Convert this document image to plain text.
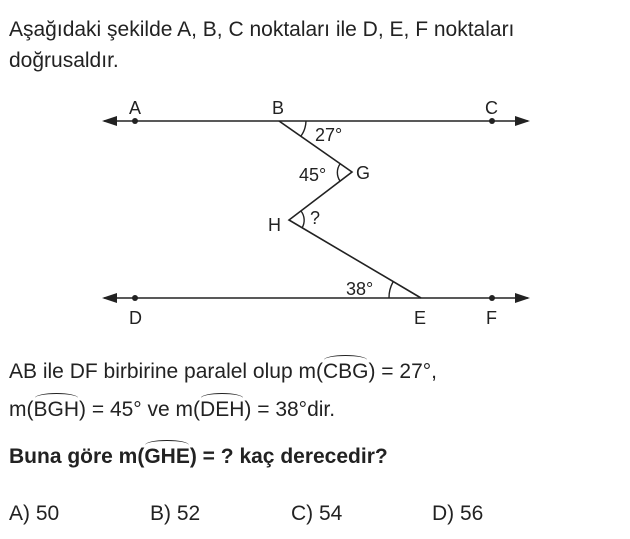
Aşağıdaki şekilde A, B, C noktaları ile D, E, F noktaları
doğrusaldır.
A	B	C
D	E	F
G
H
27°
45°
?
38°
AB ile DF birbirine paralel olup m(CBG) = 27°,
m(BGH) = 45° ve m(DEH) = 38°dir.
Buna göre m(GHE) = ? kaç derecedir?
A) 50	B) 52	C) 54	D) 56
